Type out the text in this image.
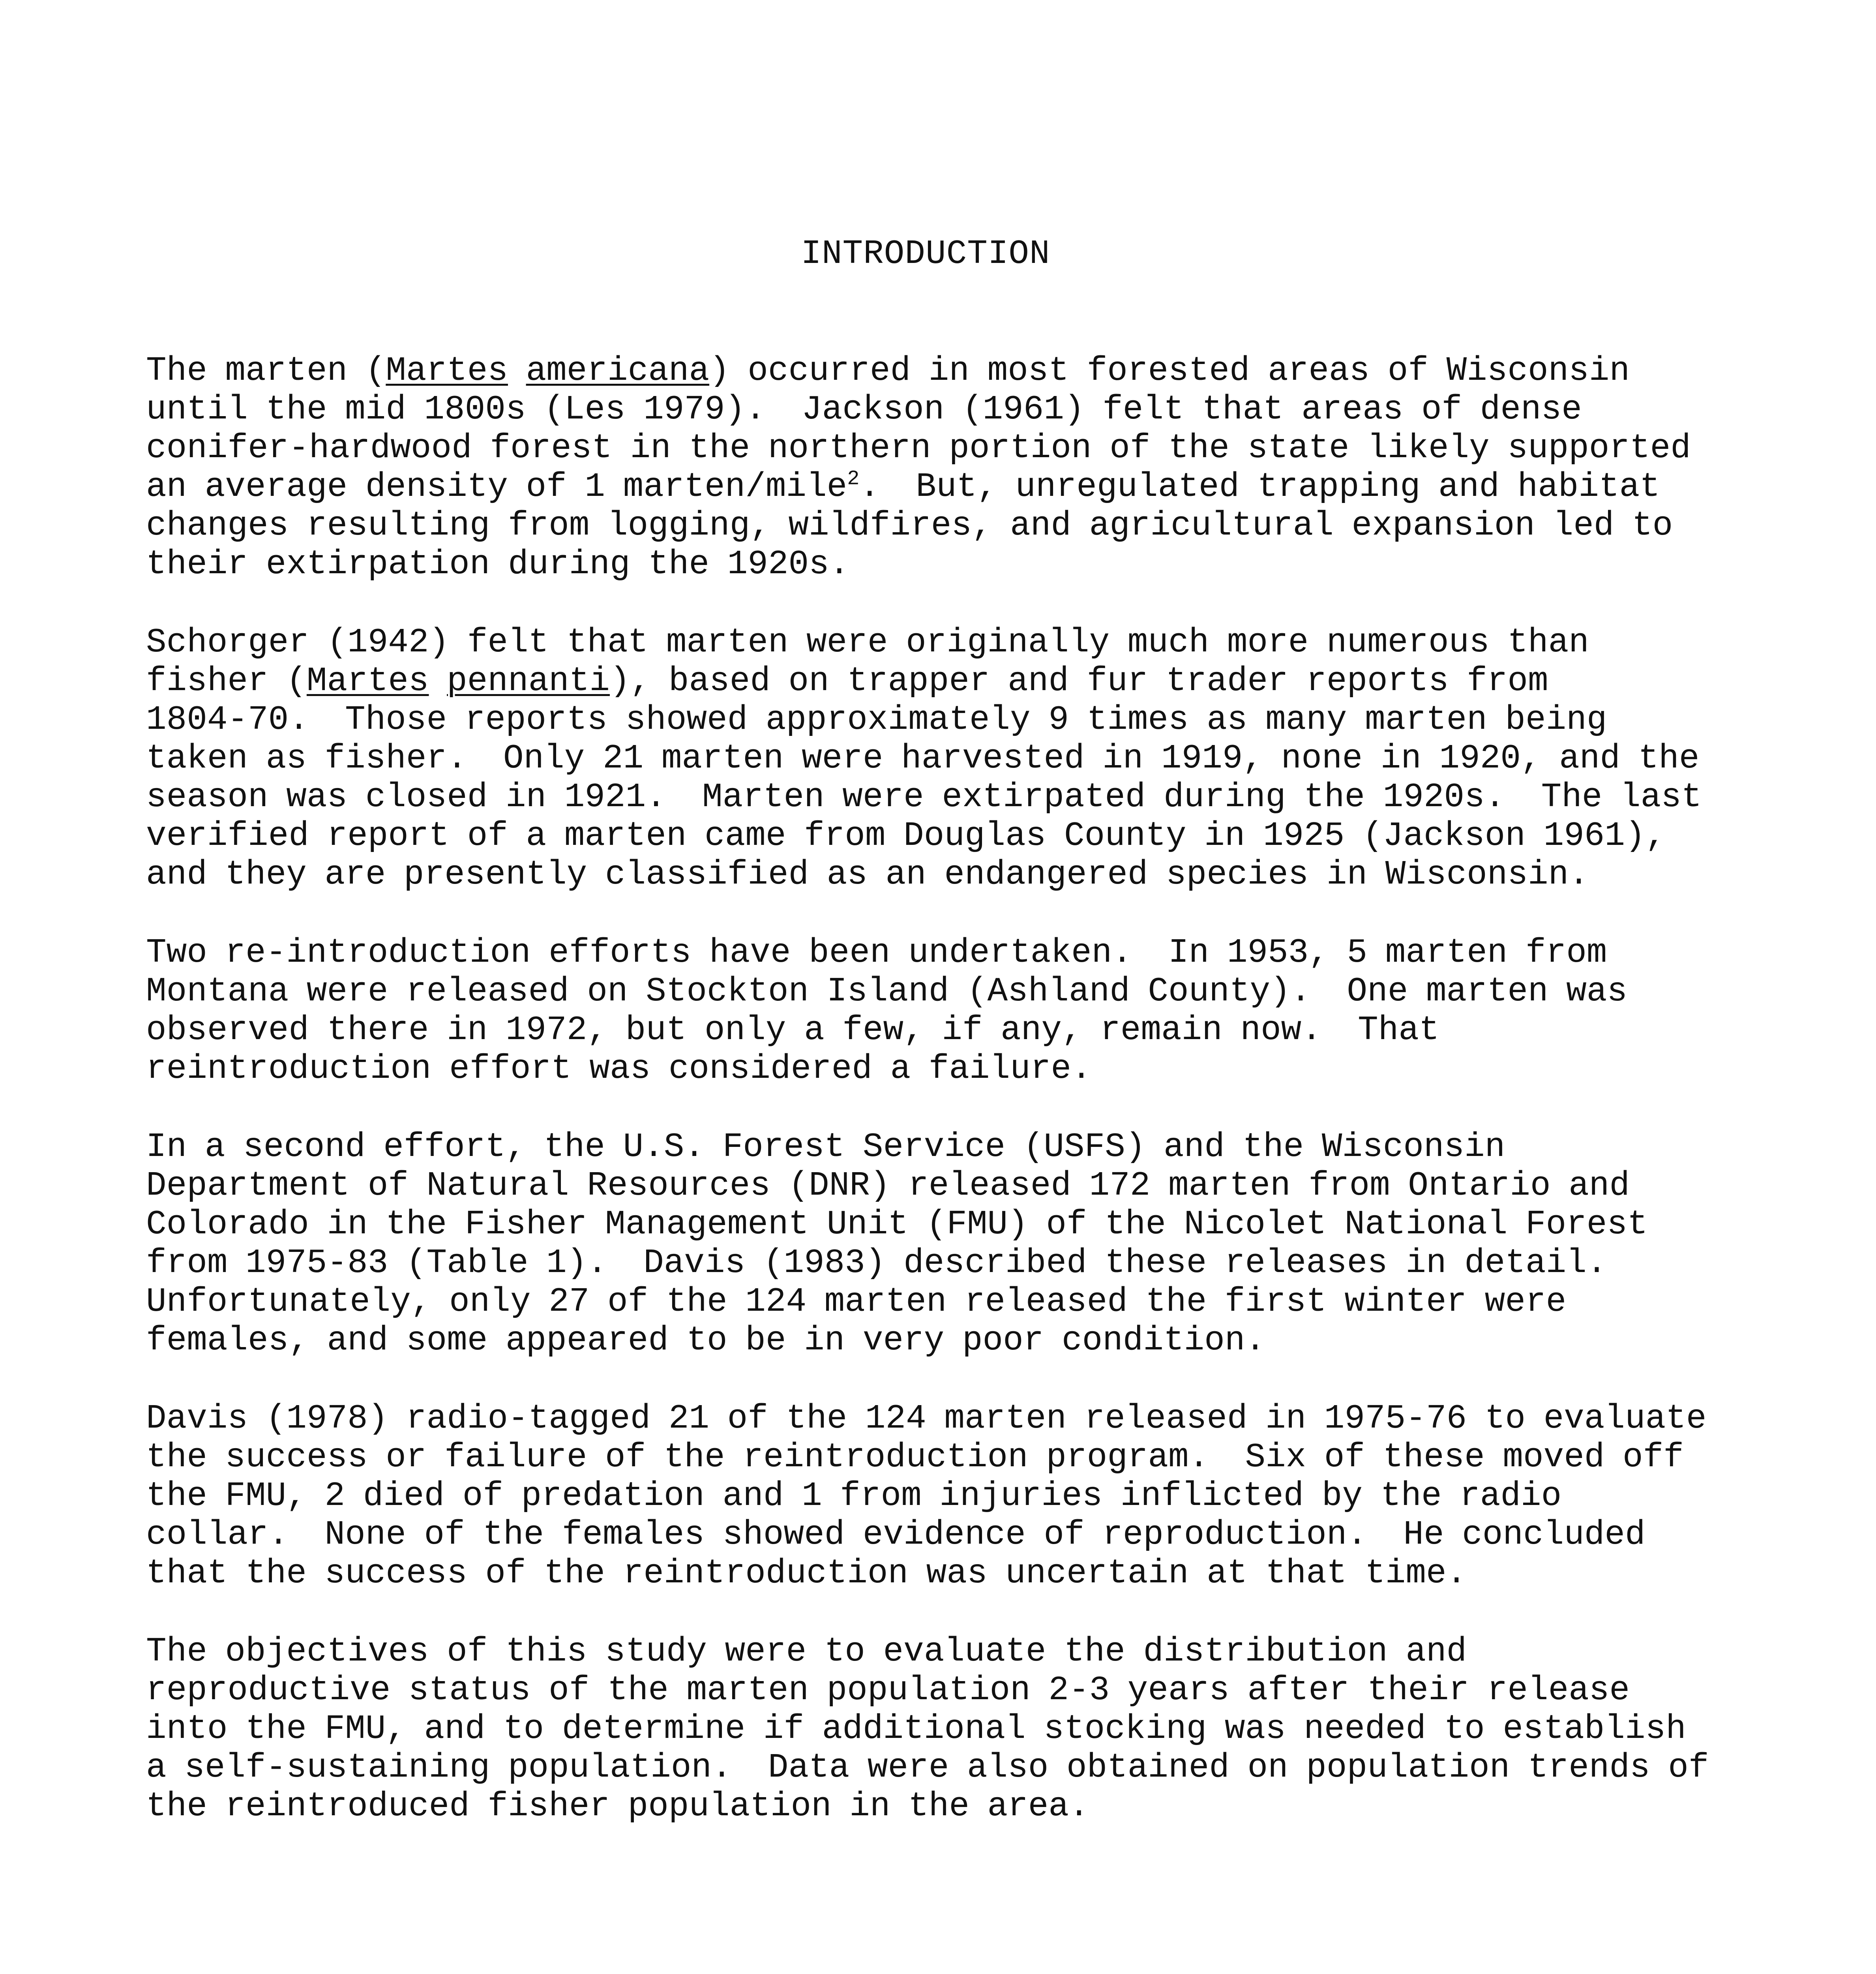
INTRODUCTION

The marten (Martes americana) occurred in most forested areas of Wisconsin
until the mid 1800s (Les 1979).  Jackson (1961) felt that areas of dense
conifer-hardwood forest in the northern portion of the state likely supported
an average density of 1 marten/mile$^2$.  But, unregulated trapping and habitat
changes resulting from logging, wildfires, and agricultural expansion led to
their extirpation during the 1920s.

Schorger (1942) felt that marten were originally much more numerous than
fisher (Martes pennanti), based on trapper and fur trader reports from
1804-70.  Those reports showed approximately 9 times as many marten being
taken as fisher.  Only 21 marten were harvested in 1919, none in 1920, and the
season was closed in 1921.  Marten were extirpated during the 1920s.  The last
verified report of a marten came from Douglas County in 1925 (Jackson 1961),
and they are presently classified as an endangered species in Wisconsin.

Two re-introduction efforts have been undertaken.  In 1953, 5 marten from
Montana were released on Stockton Island (Ashland County).  One marten was
observed there in 1972, but only a few, if any, remain now.  That
reintroduction effort was considered a failure.

In a second effort, the U.S. Forest Service (USFS) and the Wisconsin
Department of Natural Resources (DNR) released 172 marten from Ontario and
Colorado in the Fisher Management Unit (FMU) of the Nicolet National Forest
from 1975-83 (Table 1).  Davis (1983) described these releases in detail.
Unfortunately, only 27 of the 124 marten released the first winter were
females, and some appeared to be in very poor condition.

Davis (1978) radio-tagged 21 of the 124 marten released in 1975-76 to evaluate
the success or failure of the reintroduction program.  Six of these moved off
the FMU, 2 died of predation and 1 from injuries inflicted by the radio
collar.  None of the females showed evidence of reproduction.  He concluded
that the success of the reintroduction was uncertain at that time.

The objectives of this study were to evaluate the distribution and
reproductive status of the marten population 2-3 years after their release
into the FMU, and to determine if additional stocking was needed to establish
a self-sustaining population.  Data were also obtained on population trends of
the reintroduced fisher population in the area.
